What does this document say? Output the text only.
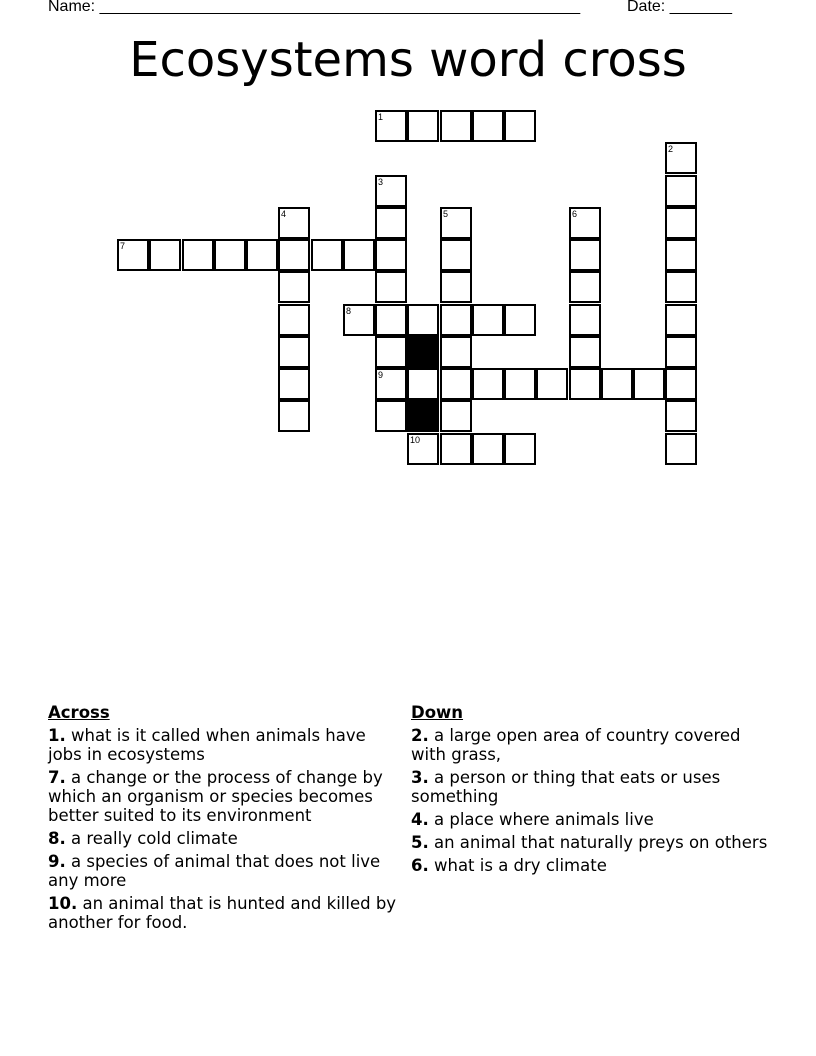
Name: ______________________________________________________	Date: _______
Ecosystems word cross
1
2
3
4	5	6
7
8
9
10
Across
1. what is it called when animals have jobs in ecosystems
7. a change or the process of change by which an organism or species becomes better suited to its environment
8. a really cold climate
9. a species of animal that does not live any more
10. an animal that is hunted and killed by another for food.
Down
2. a large open area of country covered with grass,
3. a person or thing that eats or uses something
4. a place where animals live
5. an animal that naturally preys on others
6. what is a dry climate
